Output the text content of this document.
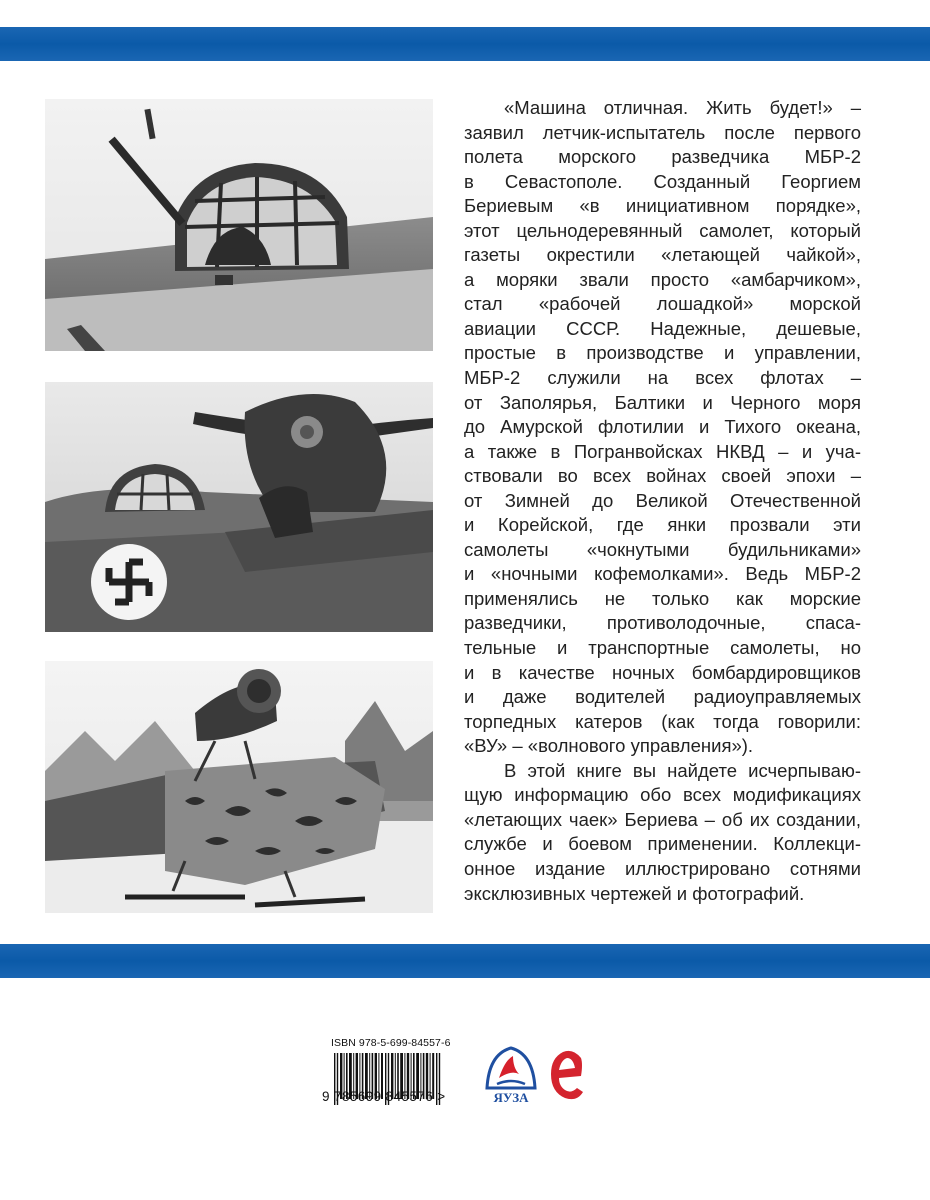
«Машина отличная. Жить будет!» –
заявил летчик-испытатель после первого
полета морского разведчика МБР-2
в Севастополе. Созданный Георгием
Бериевым «в инициативном порядке»,
этот цельнодеревянный самолет, который
газеты окрестили «летающей чайкой»,
а моряки звали просто «амбарчиком»,
стал «рабочей лошадкой» морской
авиации СССР. Надежные, дешевые,
простые в производстве и управлении,
МБР-2 служили на всех флотах –
от Заполярья, Балтики и Черного моря
до Амурской флотилии и Тихого океана,
а также в Погранвойсках НКВД – и уча-
ствовали во всех войнах своей эпохи –
от Зимней до Великой Отечественной
и Корейской, где янки прозвали эти
самолеты «чокнутыми будильниками»
и «ночными кофемолками». Ведь МБР-2
применялись не только как морские
разведчики, противолодочные, спаса-
тельные и транспортные самолеты, но
и в качестве ночных бомбардировщиков
и даже водителей радиоуправляемых
торпедных катеров (как тогда говорили:
«ВУ» – «волнового управления»).

В этой книге вы найдете исчерпываю-
щую информацию обо всех модификациях
«летающих чаек» Бериева – об их создании,
службе и боевом применении. Коллекци-
онное издание иллюстрировано сотнями
эксклюзивных чертежей и фотографий.

ISBN 978-5-699-84557-6
9 785699 845576 >	ЯУЗА
